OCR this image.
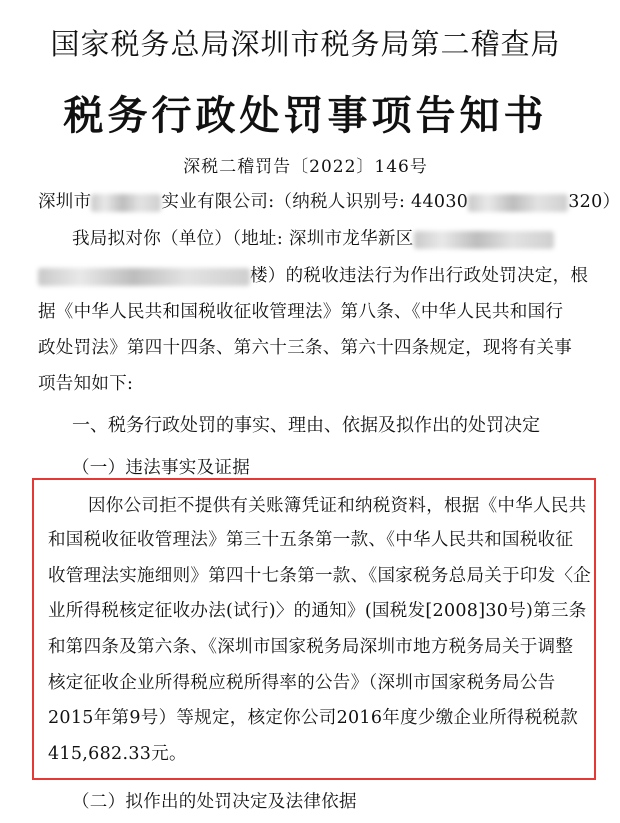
国家税务总局深圳市税务局第二稽查局
税务行政处罚事项告知书
深税二稽罚告〔2022〕146号
深圳市	实业有限公司:（纳税人识别号: 44030	320）
我局拟对你（单位）（地址: 深圳市龙华新区
楼）的税收违法行为作出行政处罚决定，根
据《中华人民共和国税收征收管理法》第八条、《中华人民共和国行
政处罚法》第四十四条、第六十三条、第六十四条规定，现将有关事
项告知如下:
一、税务行政处罚的事实、理由、依据及拟作出的处罚决定
（一）违法事实及证据
因你公司拒不提供有关账簿凭证和纳税资料，根据《中华人民共
和国税收征收管理法》第三十五条第一款、《中华人民共和国税收征
收管理法实施细则》第四十七条第一款、《国家税务总局关于印发〈企
业所得税核定征收办法(试行)〉的通知》(国税发[2008]30号)第三条
和第四条及第六条、《深圳市国家税务局深圳市地方税务局关于调整
核定征收企业所得税应税所得率的公告》（深圳市国家税务局公告
2015年第9号）等规定，核定你公司2016年度少缴企业所得税税款
415,682.33元。
（二）拟作出的处罚决定及法律依据
